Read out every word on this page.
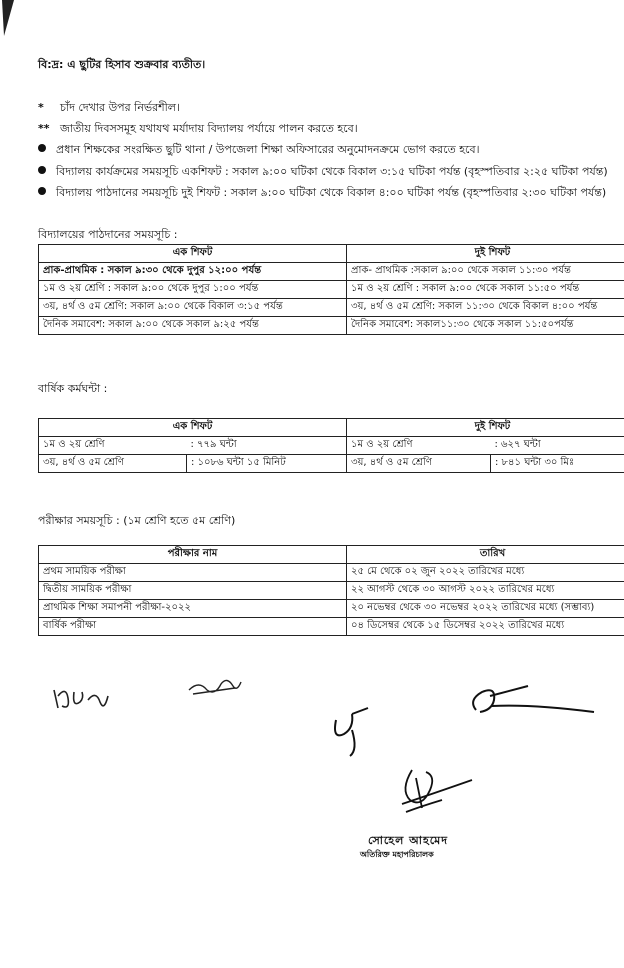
বি:দ্র: এ ছুটির হিসাব শুক্রবার ব্যতীত।
* চাঁদ দেখার উপর নির্ভরশীল।
** জাতীয় দিবসসমূহ যথাযথ মর্যাদায় বিদ্যালয় পর্যায়ে পালন করতে হবে।
প্রধান শিক্ষকের সংরক্ষিত ছুটি থানা / উপজেলা শিক্ষা অফিসারের অনুমোদনক্রমে ভোগ করতে হবে।
বিদ্যালয় কার্যক্রমের সময়সূচি একশিফট : সকাল ৯:০০ ঘটিকা থেকে বিকাল ৩:১৫ ঘটিকা পর্যন্ত (বৃহস্পতিবার ২:২৫ ঘটিকা পর্যন্ত)
বিদ্যালয় পাঠদানের সময়সূচি দুই শিফট : সকাল ৯:০০ ঘটিকা থেকে বিকাল ৪:০০ ঘটিকা পর্যন্ত (বৃহস্পতিবার ২:৩০ ঘটিকা পর্যন্ত)
বিদ্যালয়ের পাঠদানের সময়সূচি :
এক শিফট	দুই শিফট
প্রাক-প্রাথমিক : সকাল ৯:৩০ থেকে দুপুর ১২:০০ পর্যন্ত	প্রাক- প্রাথমিক :সকাল ৯:০০ থেকে সকাল ১১:৩০ পর্যন্ত
১ম ও ২য় শ্রেণি : সকাল ৯:০০ থেকে দুপুর ১:০০ পর্যন্ত	১ম ও ২য় শ্রেণি : সকাল ৯:০০ থেকে সকাল ১১:৫০ পর্যন্ত
৩য়, ৪র্থ ও ৫ম শ্রেণি: সকাল ৯:০০ থেকে বিকাল ৩:১৫ পর্যন্ত	৩য়, ৪র্থ ও ৫ম শ্রেণি: সকাল ১১:৩০ থেকে বিকাল ৪:০০ পর্যন্ত
দৈনিক সমাবেশ: সকাল ৯:০০ থেকে সকাল ৯:২৫ পর্যন্ত	দৈনিক সমাবেশ: সকাল১১:৩০ থেকে সকাল ১১:৫০পর্যন্ত
বার্ষিক কর্মঘন্টা :
এক শিফট		দুই শিফট	
১ম ও ২য় শ্রেণি	: ৭৭৯ ঘন্টা	১ম ও ২য় শ্রেণি	: ৬২৭ ঘন্টা
৩য়, ৪র্থ ও ৫ম শ্রেণি	: ১০৮৬ ঘন্টা ১৫ মিনিট	৩য়, ৪র্থ ও ৫ম শ্রেণি	: ৮৪১ ঘন্টা ৩০ মিঃ
পরীক্ষার সময়সূচি : (১ম শ্রেণি হতে ৫ম শ্রেণি)
পরীক্ষার নাম	তারিখ
প্রথম সাময়িক পরীক্ষা	২৫ মে থেকে ০২ জুন ২০২২ তারিখের মধ্যে
দ্বিতীয় সাময়িক পরীক্ষা	২২ আগস্ট থেকে ৩০ আগস্ট ২০২২ তারিখের মধ্যে
প্রাথমিক শিক্ষা সমাপনী পরীক্ষা-২০২২	২০ নভেম্বর থেকে ৩০ নভেম্বর ২০২২ তারিখের মধ্যে (সম্ভাব্য)
বার্ষিক পরীক্ষা	০৪ ডিসেম্বর থেকে ১৫ ডিসেম্বর ২০২২ তারিখের মধ্যে
সোহেল আহমেদ
অতিরিক্ত মহাপরিচালক
